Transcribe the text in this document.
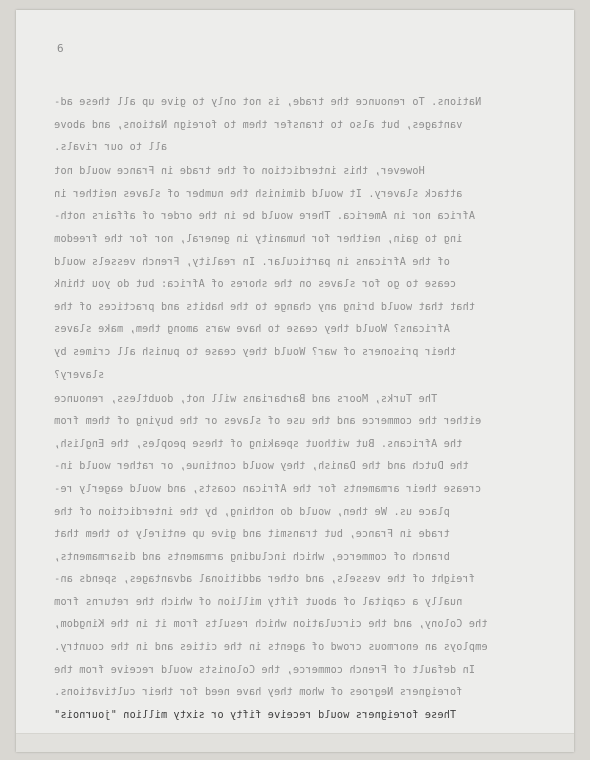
6
Nations. To renounce the trade, is not only to give up all these ad-
vantages, but also to transfer them to foreign Nations, and above
all to our rivals.
However, this interdiction of the trade in France would not
attack slavery. It would diminish the number of slaves neither in
Africa nor in America. There would be in the order of affairs noth-
ing to gain, neither for humanity in general, nor for the freedom
of the Africans in particular. In reality, French vessels would
cease to go for slaves on the shores of Africa: but do you think
that that would bring any change to the habits and practices of the
Africans? Would they cease to have wars among them, make slaves
their prisoners of war? Would they cease to punish all crimes by
slavery?
The Turks, Moors and Barbarians will not, doubtless, renounce
either the commerce and the use of slaves or the buying of them from
the Africans. But without speaking of these peoples, the English,
the Dutch and the Danish, they would continue, or rather would in-
crease their armaments for the African coasts, and would eagerly re-
place us. We then, would do nothing, by the interdiction of the
trade in France, but transmit and give up entirely to them that
branch of commerce, which including armaments and disarmaments,
freight of the vessels, and other additional advantages, spends an-
nually a capital of about fifty million of which the returns from
the Colony, and the circulation which results from it in the Kingdom,
employs an enormous crowd of agents in the cities and in the country.
In default of French commerce, the Colonists would receive from the
foreigners Negroes of whom they have need for their cultivations.
These foreigners would receive fifty or sixty million "journois"
